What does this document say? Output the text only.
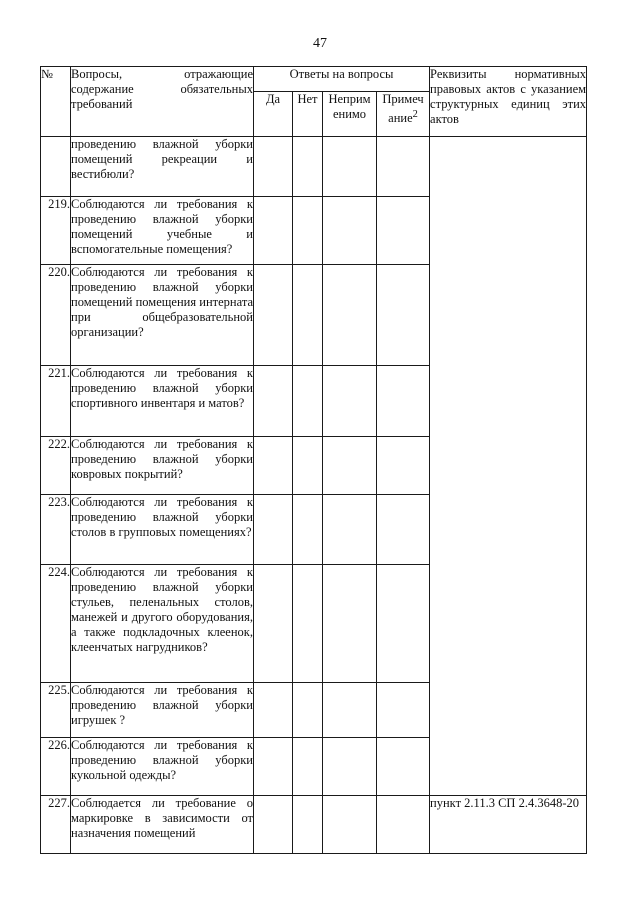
47
№	Вопросы, отражающие содержание обязательных требований	Ответы на вопросы				Реквизиты нормативных правовых актов с указанием структурных единиц этих актов
		Да	Нет	Неприм енимо	Примеч ание$^2$
	проведению влажной уборки помещений рекреации и вестибюли?					
219.	Соблюдаются ли требования к проведению влажной уборки помещений учебные и вспомогательные помещения?					
220.	Соблюдаются ли требования к проведению влажной уборки помещений помещения интерната при общебразовательной организации?					
221.	Соблюдаются ли требования к проведению влажной уборки спортивного инвентаря и матов?					
222.	Соблюдаются ли требования к проведению влажной уборки ковровых покрытий?					
223.	Соблюдаются ли требования к проведению влажной уборки столов в групповых помещениях?					
224.	Соблюдаются ли требования к проведению влажной уборки стульев, пеленальных столов, манежей и другого оборудования, а также подкладочных клеенок, клеенчатых нагрудников?					
225.	Соблюдаются ли требования к проведению влажной уборки игрушек ?					
226.	Соблюдаются ли требования к проведению влажной уборки кукольной одежды?					
227.	Соблюдается ли требование о маркировке в зависимости от назначения помещений					пункт 2.11.3 СП 2.4.3648-20
